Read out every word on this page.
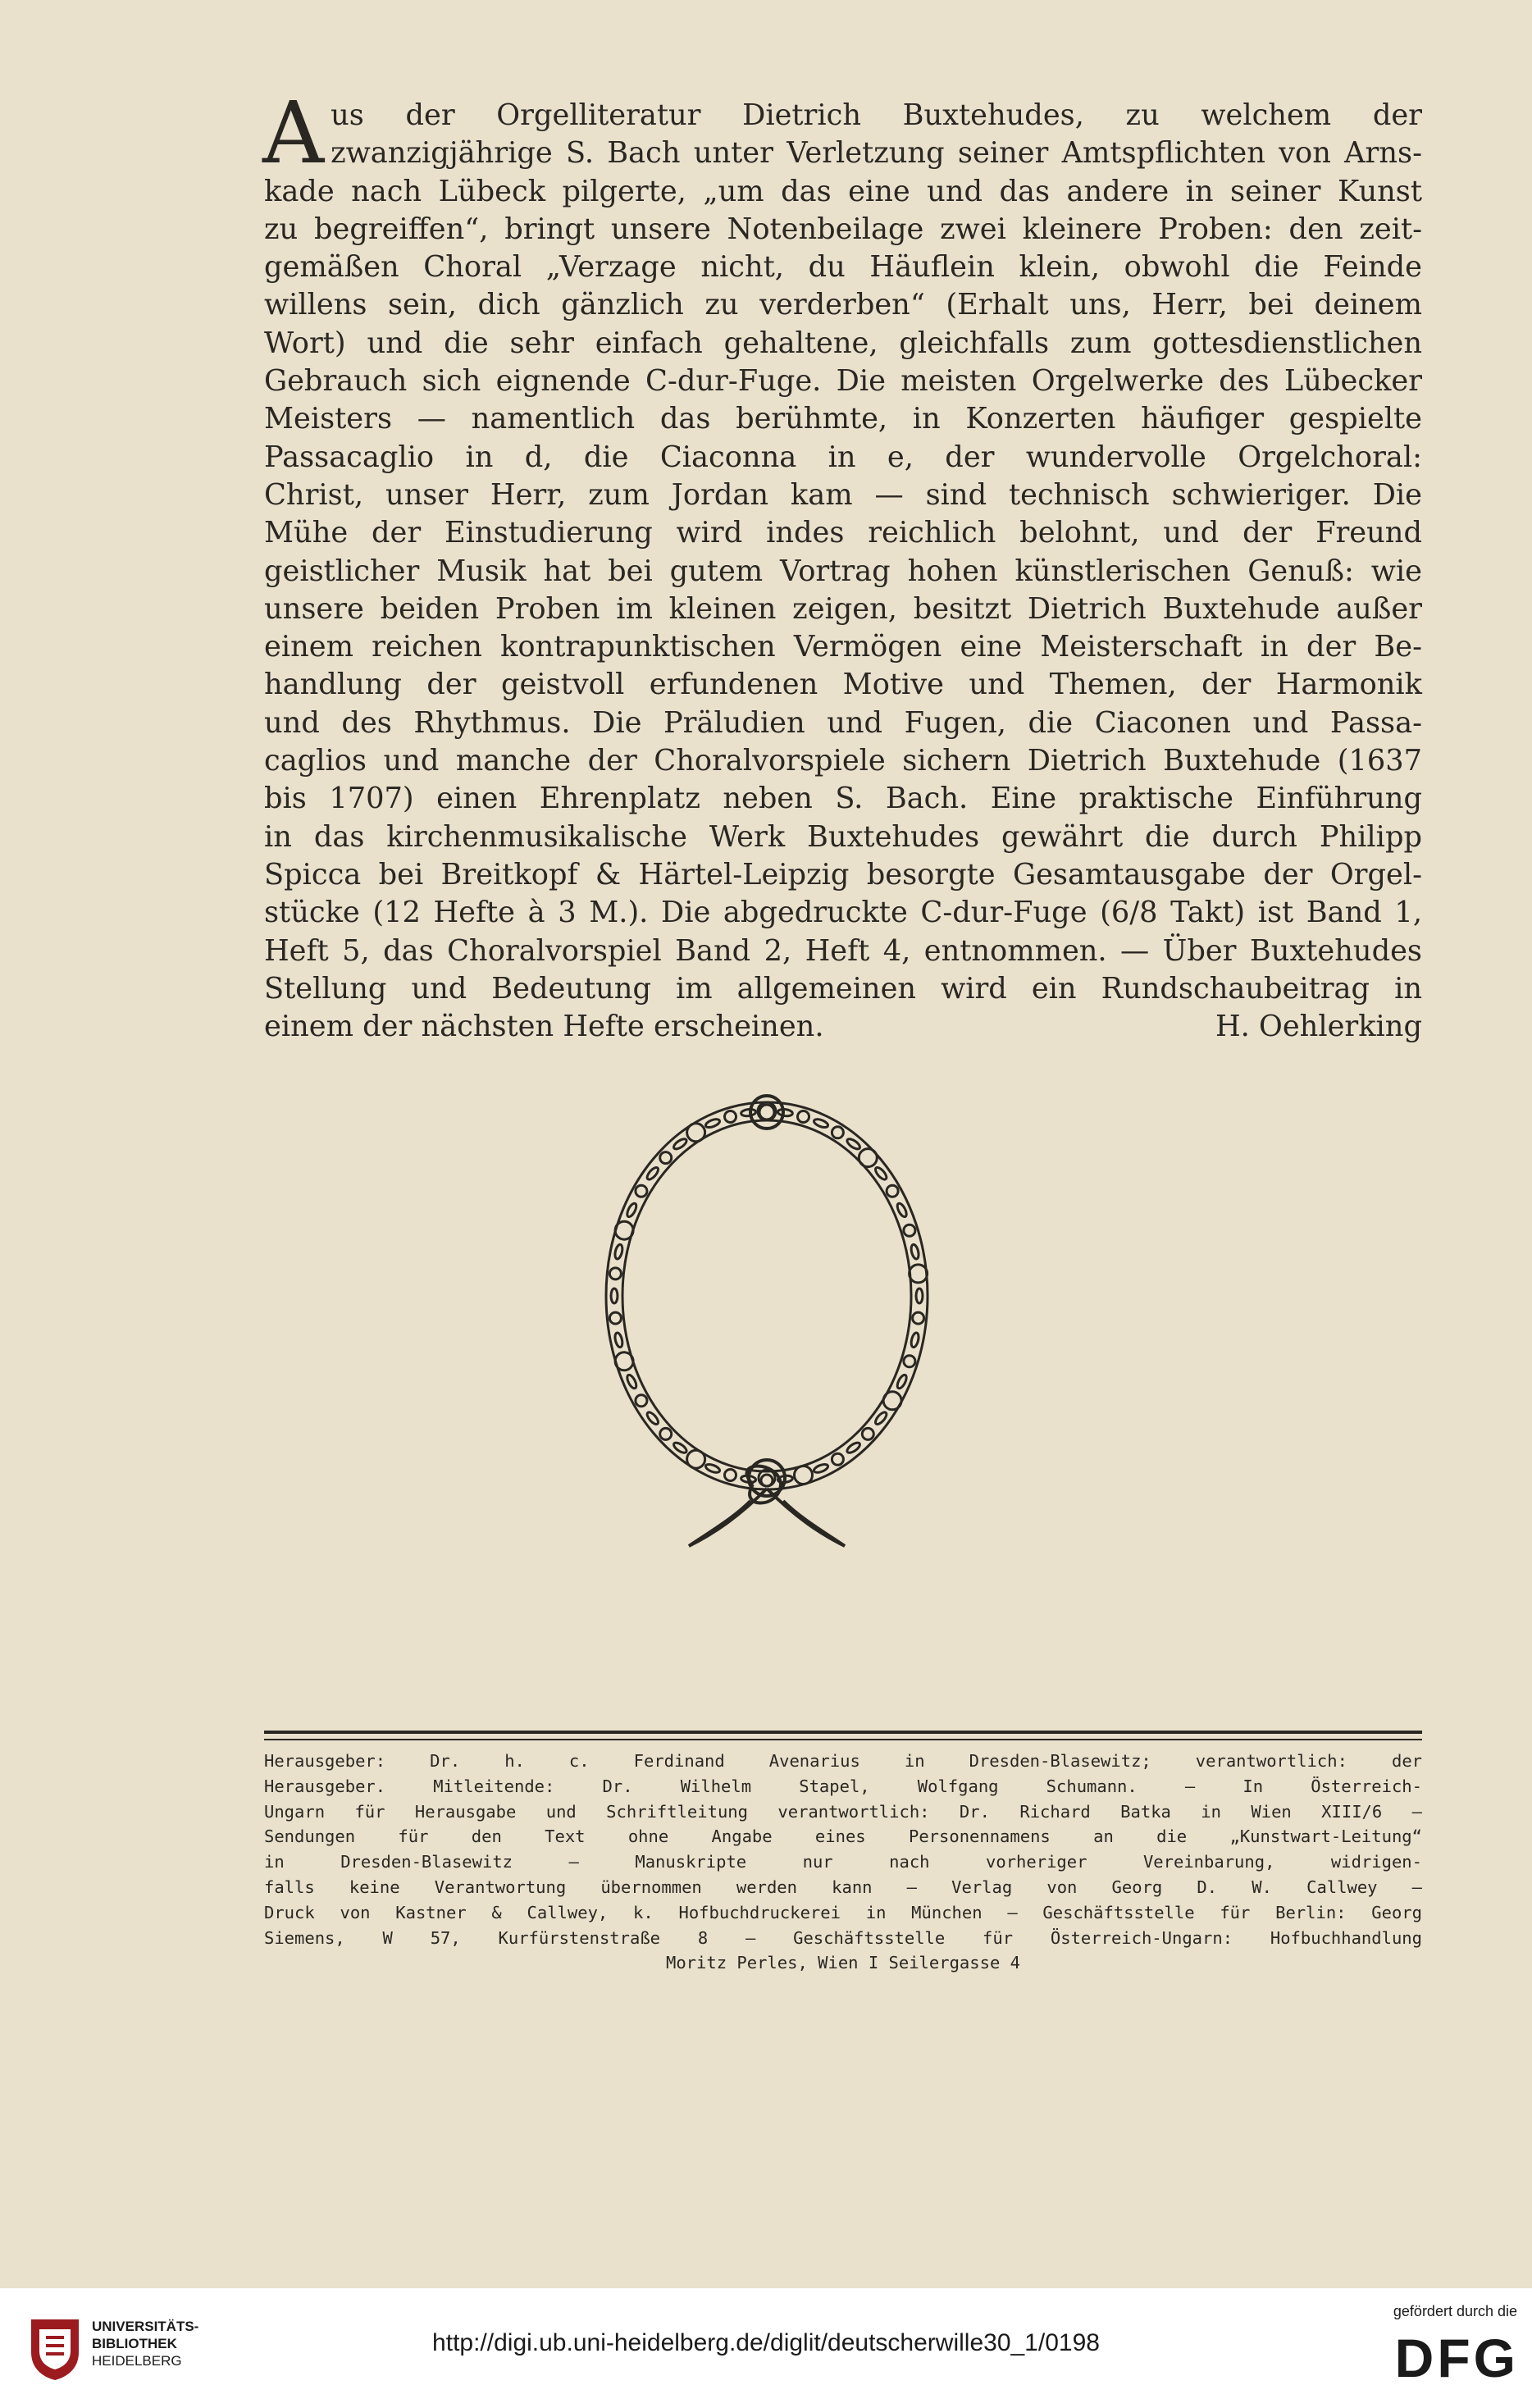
A us der Orgelliteratur Dietrich Buxtehudes, zu welchem der
zwanzigjährige S. Bach unter Verletzung seiner Amtspflichten von Arns-
kade nach Lübeck pilgerte, „um das eine und das andere in seiner Kunst
zu begreiffen“, bringt unsere Notenbeilage zwei kleinere Proben: den zeit-
gemäßen Choral „Verzage nicht, du Häuflein klein, obwohl die Feinde
willens sein, dich gänzlich zu verderben“ (Erhalt uns, Herr, bei deinem
Wort) und die sehr einfach gehaltene, gleichfalls zum gottesdienstlichen
Gebrauch sich eignende C-dur-Fuge. Die meisten Orgelwerke des Lübecker
Meisters — namentlich das berühmte, in Konzerten häufiger gespielte
Passacaglio in d, die Ciaconna in e, der wundervolle Orgelchoral:
Christ, unser Herr, zum Jordan kam — sind technisch schwieriger. Die
Mühe der Einstudierung wird indes reichlich belohnt, und der Freund
geistlicher Musik hat bei gutem Vortrag hohen künstlerischen Genuß: wie
unsere beiden Proben im kleinen zeigen, besitzt Dietrich Buxtehude außer
einem reichen kontrapunktischen Vermögen eine Meisterschaft in der Be-
handlung der geistvoll erfundenen Motive und Themen, der Harmonik
und des Rhythmus. Die Präludien und Fugen, die Ciaconen und Passa-
caglios und manche der Choralvorspiele sichern Dietrich Buxtehude (1637
bis 1707) einen Ehrenplatz neben S. Bach. Eine praktische Einführung
in das kirchenmusikalische Werk Buxtehudes gewährt die durch Philipp
Spicca bei Breitkopf & Härtel-Leipzig besorgte Gesamtausgabe der Orgel-
stücke (12 Hefte à 3 M.). Die abgedruckte C-dur-Fuge (6/8 Takt) ist Band 1,
Heft 5, das Choralvorspiel Band 2, Heft 4, entnommen. — Über Buxtehudes
Stellung und Bedeutung im allgemeinen wird ein Rundschaubeitrag in
einem der nächsten Hefte erscheinen.	H. Oehlerking
Herausgeber: Dr. h. c. Ferdinand Avenarius in Dresden-Blasewitz; verantwortlich: der
Herausgeber. Mitleitende: Dr. Wilhelm Stapel, Wolfgang Schumann. — In Österreich-
Ungarn für Herausgabe und Schriftleitung verantwortlich: Dr. Richard Batka in Wien XIII/6 —
Sendungen für den Text ohne Angabe eines Personennamens an die „Kunstwart-Leitung“
in Dresden-Blasewitz — Manuskripte nur nach vorheriger Vereinbarung, widrigen-
falls keine Verantwortung übernommen werden kann — Verlag von Georg D. W. Callwey —
Druck von Kastner & Callwey, k. Hofbuchdruckerei in München — Geschäftsstelle für Berlin: Georg
Siemens, W 57, Kurfürstenstraße 8 — Geschäftsstelle für Österreich-Ungarn: Hofbuchhandlung
Moritz Perles, Wien I Seilergasse 4
UNIVERSITÄTS-
BIBLIOTHEK
HEIDELBERG
http://digi.ub.uni-heidelberg.de/diglit/deutscherwille30_1/0198
gefördert durch die
DFG
